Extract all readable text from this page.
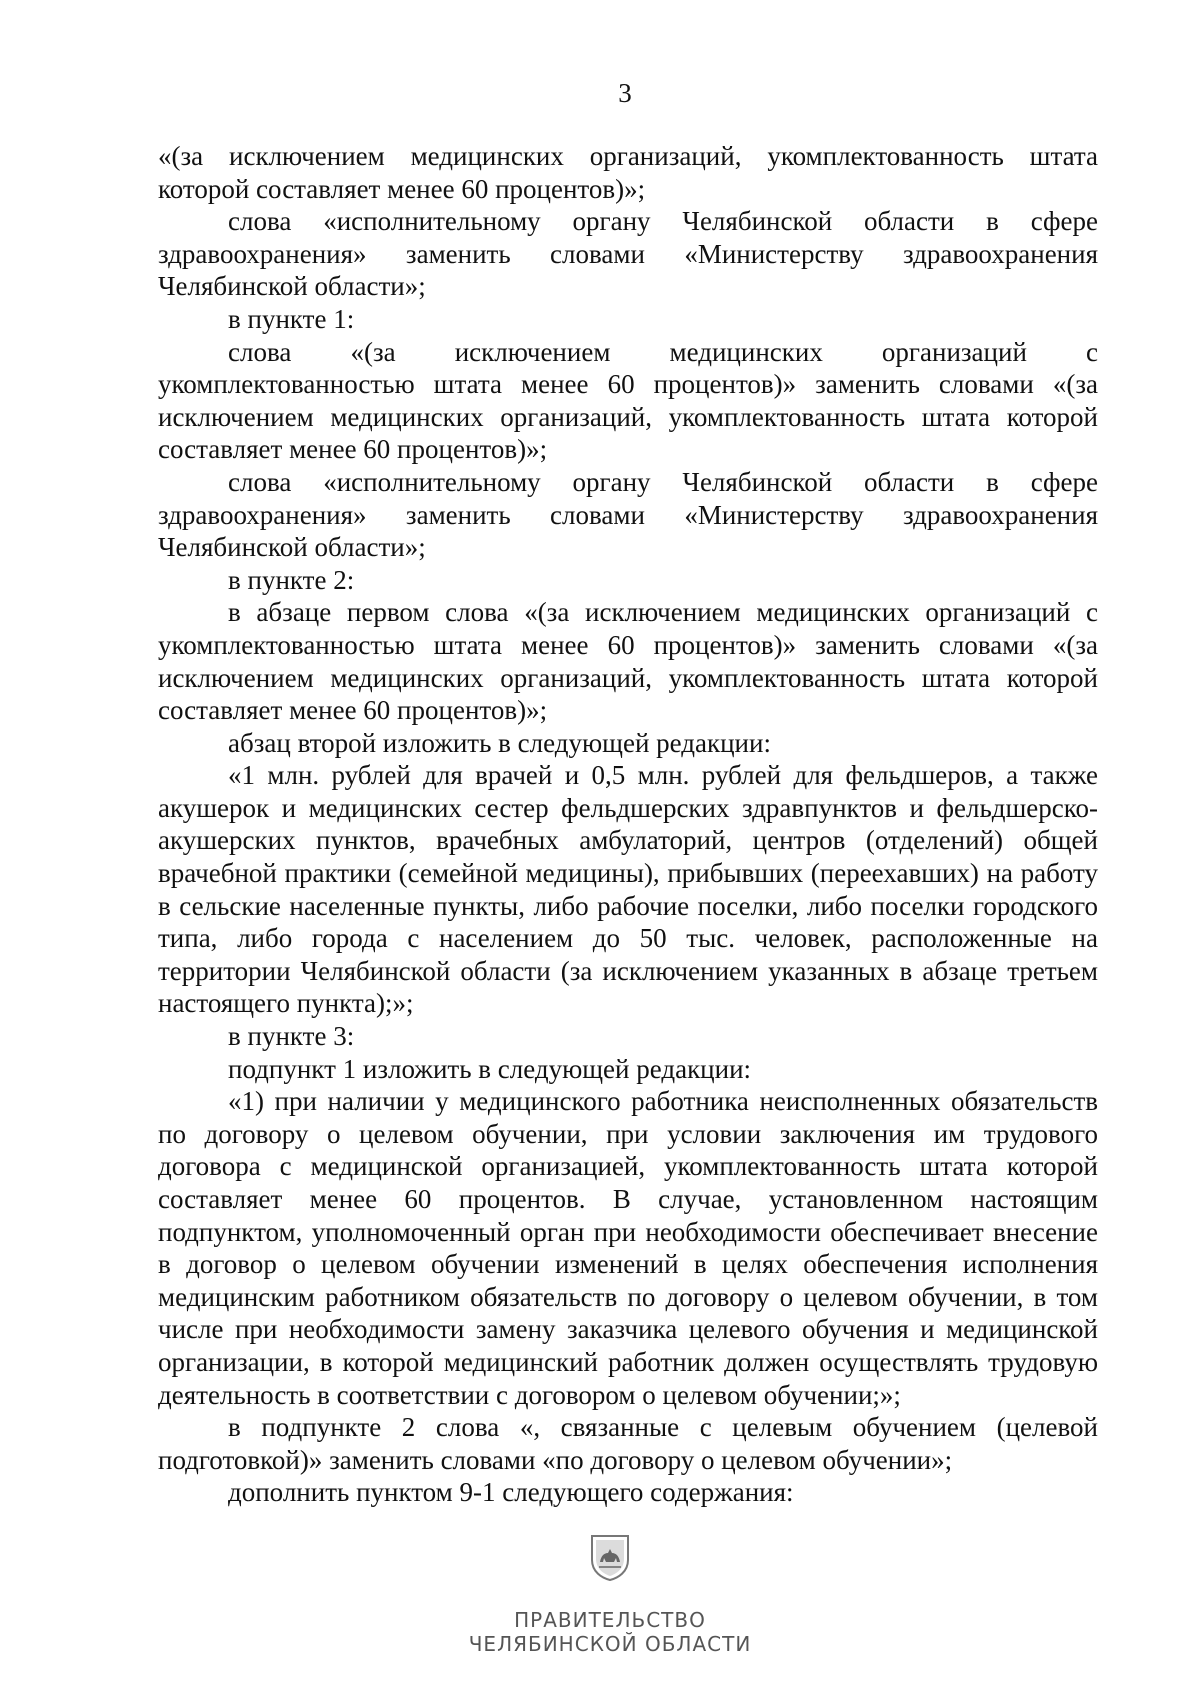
3

«(за исключением медицинских организаций, укомплектованность штата которой составляет менее 60 процентов)»;

слова «исполнительному органу Челябинской области в сфере здравоохранения» заменить словами «Министерству здравоохранения Челябинской области»;

в пункте 1:

слова «(за исключением медицинских организаций с укомплектованностью штата менее 60 процентов)» заменить словами «(за исключением медицинских организаций, укомплектованность штата которой составляет менее 60 процентов)»;

слова «исполнительному органу Челябинской области в сфере здравоохранения» заменить словами «Министерству здравоохранения Челябинской области»;

в пункте 2:

в абзаце первом слова «(за исключением медицинских организаций с укомплектованностью штата менее 60 процентов)» заменить словами «(за исключением медицинских организаций, укомплектованность штата которой составляет менее 60 процентов)»;

абзац второй изложить в следующей редакции:

«1 млн. рублей для врачей и 0,5 млн. рублей для фельдшеров, а также акушерок и медицинских сестер фельдшерских здравпунктов и фельдшерско-акушерских пунктов, врачебных амбулаторий, центров (отделений) общей врачебной практики (семейной медицины), прибывших (переехавших) на работу в сельские населенные пункты, либо рабочие поселки, либо поселки городского типа, либо города с населением до 50 тыс. человек, расположенные на территории Челябинской области (за исключением указанных в абзаце третьем настоящего пункта);»;

в пункте 3:

подпункт 1 изложить в следующей редакции:

«1) при наличии у медицинского работника неисполненных обязательств по договору о целевом обучении, при условии заключения им трудового договора с медицинской организацией, укомплектованность штата которой составляет менее 60 процентов. В случае, установленном настоящим подпунктом, уполномоченный орган при необходимости обеспечивает внесение в договор о целевом обучении изменений в целях обеспечения исполнения медицинским работником обязательств по договору о целевом обучении, в том числе при необходимости замену заказчика целевого обучения и медицинской организации, в которой медицинский работник должен осуществлять трудовую деятельность в соответствии с договором о целевом обучении;»;

в подпункте 2 слова «, связанные с целевым обучением (целевой подготовкой)» заменить словами «по договору о целевом обучении»;

дополнить пунктом 9-1 следующего содержания:

ПРАВИТЕЛЬСТВО
ЧЕЛЯБИНСКОЙ ОБЛАСТИ
